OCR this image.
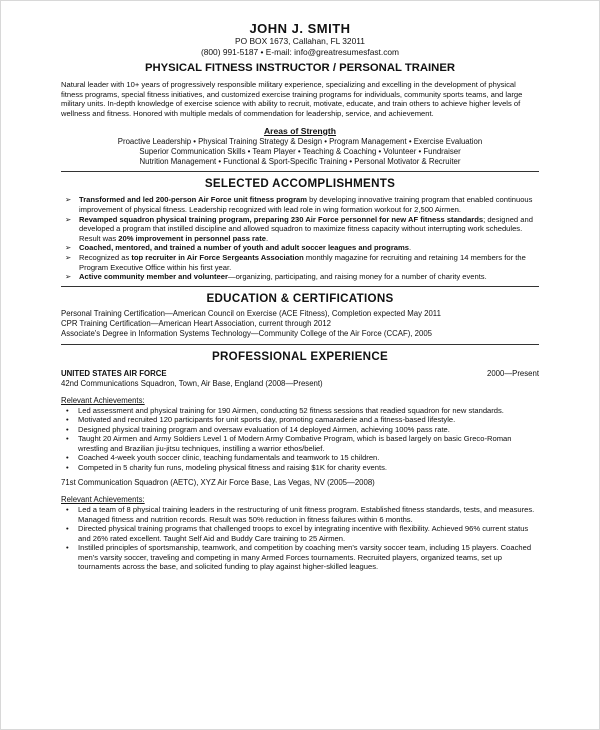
JOHN J. SMITH
PO BOX 1673, Callahan, FL 32011
(800) 991-5187 • E-mail: info@greatresumesfast.com
PHYSICAL FITNESS INSTRUCTOR / PERSONAL TRAINER
Natural leader with 10+ years of progressively responsible military experience, specializing and excelling in the development of physical fitness programs, special fitness initiatives, and customized exercise training programs for individuals, community sports teams, and large military units. In-depth knowledge of exercise science with ability to recruit, motivate, educate, and train others to achieve higher levels of wellness and fitness. Honored with multiple medals of commendation for leadership, service, and achievement.
Areas of Strength
Proactive Leadership • Physical Training Strategy & Design • Program Management • Exercise Evaluation
Superior Communication Skills • Team Player • Teaching & Coaching • Volunteer • Fundraiser
Nutrition Management • Functional & Sport-Specific Training • Personal Motivator & Recruiter
SELECTED ACCOMPLISHMENTS
➢ Transformed and led 200-person Air Force unit fitness program by developing innovative training program that enabled continuous improvement of physical fitness. Leadership recognized with lead role in wing formation workout for 2,500 Airmen.
➢ Revamped squadron physical training program, preparing 230 Air Force personnel for new AF fitness standards; designed and developed a program that instilled discipline and allowed squadron to maximize fitness capacity without interrupting work schedules. Result was 20% improvement in personnel pass rate.
➢ Coached, mentored, and trained a number of youth and adult soccer leagues and programs.
➢ Recognized as top recruiter in Air Force Sergeants Association monthly magazine for recruiting and retaining 14 members for the Program Executive Office within his first year.
➢ Active community member and volunteer—organizing, participating, and raising money for a number of charity events.
EDUCATION & CERTIFICATIONS
Personal Training Certification—American Council on Exercise (ACE Fitness), Completion expected May 2011
CPR Training Certification—American Heart Association, current through 2012
Associate's Degree in Information Systems Technology—Community College of the Air Force (CCAF), 2005
PROFESSIONAL EXPERIENCE
UNITED STATES AIR FORCE	2000—Present
42nd Communications Squadron, Town, Air Base, England (2008—Present)
Relevant Achievements:
• Led assessment and physical training for 190 Airmen, conducting 52 fitness sessions that readied squadron for new standards.
• Motivated and recruited 120 participants for unit sports day, promoting camaraderie and a fitness-based lifestyle.
• Designed physical training program and oversaw evaluation of 14 deployed Airmen, achieving 100% pass rate.
• Taught 20 Airmen and Army Soldiers Level 1 of Modern Army Combative Program, which is based largely on basic Greco-Roman wrestling and Brazilian jiu-jitsu techniques, instilling a warrior ethos/belief.
• Coached 4-week youth soccer clinic, teaching fundamentals and teamwork to 15 children.
• Competed in 5 charity fun runs, modeling physical fitness and raising $1K for charity events.
71st Communication Squadron (AETC), XYZ Air Force Base, Las Vegas, NV (2005—2008)
Relevant Achievements:
• Led a team of 8 physical training leaders in the restructuring of unit fitness program. Established fitness standards, tests, and measures. Managed fitness and nutrition records. Result was 50% reduction in fitness failures within 6 months.
• Directed physical training programs that challenged troops to excel by integrating incentive with flexibility. Achieved 96% current status and 26% rated excellent. Taught Self Aid and Buddy Care training to 25 Airmen.
• Instilled principles of sportsmanship, teamwork, and competition by coaching men's varsity soccer team, including 15 players. Coached men's varsity soccer, traveling and competing in many Armed Forces tournaments. Recruited players, organized teams, set up tournaments across the base, and solicited funding to play against higher-skilled leagues.
